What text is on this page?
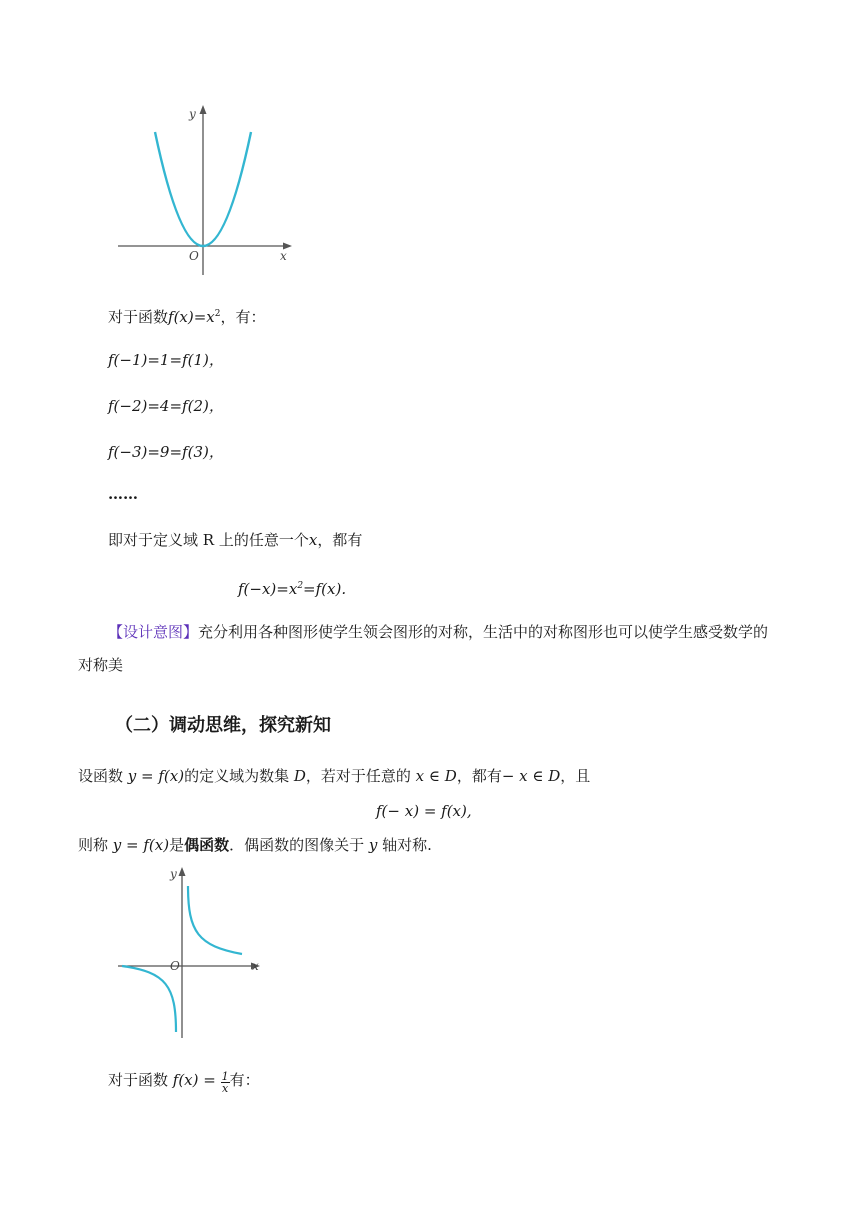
y
x
O
对于函数$f(x)=x^2$，有：
f(−1)=1=f(1)，
f(−2)=4=f(2)，
f(−3)=9=f(3)，
……
即对于定义域 R 上的任意一个x，都有
$f(-x)=x^2=f(x)$.
【设计意图】充分利用各种图形使学生领会图形的对称，生活中的对称图形也可以使学生感受数学的
对称美
（二）调动思维，探究新知
设函数 y = f(x)的定义域为数集 D，若对于任意的 x ∈ D，都有− x ∈ D，且
f(− x) = f(x),
则称 y = f(x)是偶函数．偶函数的图像关于 y 轴对称.
y
x
O
对于函数 $f(x) = \frac{1}{x}$ 有：
